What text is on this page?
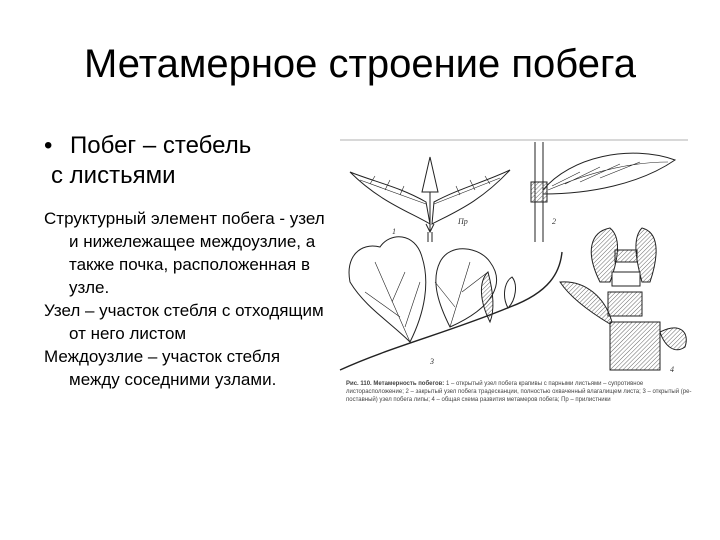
Метамерное строение побега
• Побег – стебель
с листьями

Структурный элемент побега - узел и нижележащее междоузлие, а также почка, расположенная в узле.

Узел – участок стебля с отходящим от него листом

Междоузлие – участок стебля между соседними узлами.

1
Пр	2
3
4
Рис. 110. Метамерность побегов: 1 – открытый узел побега крапивы с парными листьями – супротивное листорасположение; 2 – закрытый узел побега традесканции, полностью охваченный влагалищем листа; 3 – открытый (ре- поставный) узел побега липы; 4 – общая схема развития метамеров побега; Пр – прилистники
